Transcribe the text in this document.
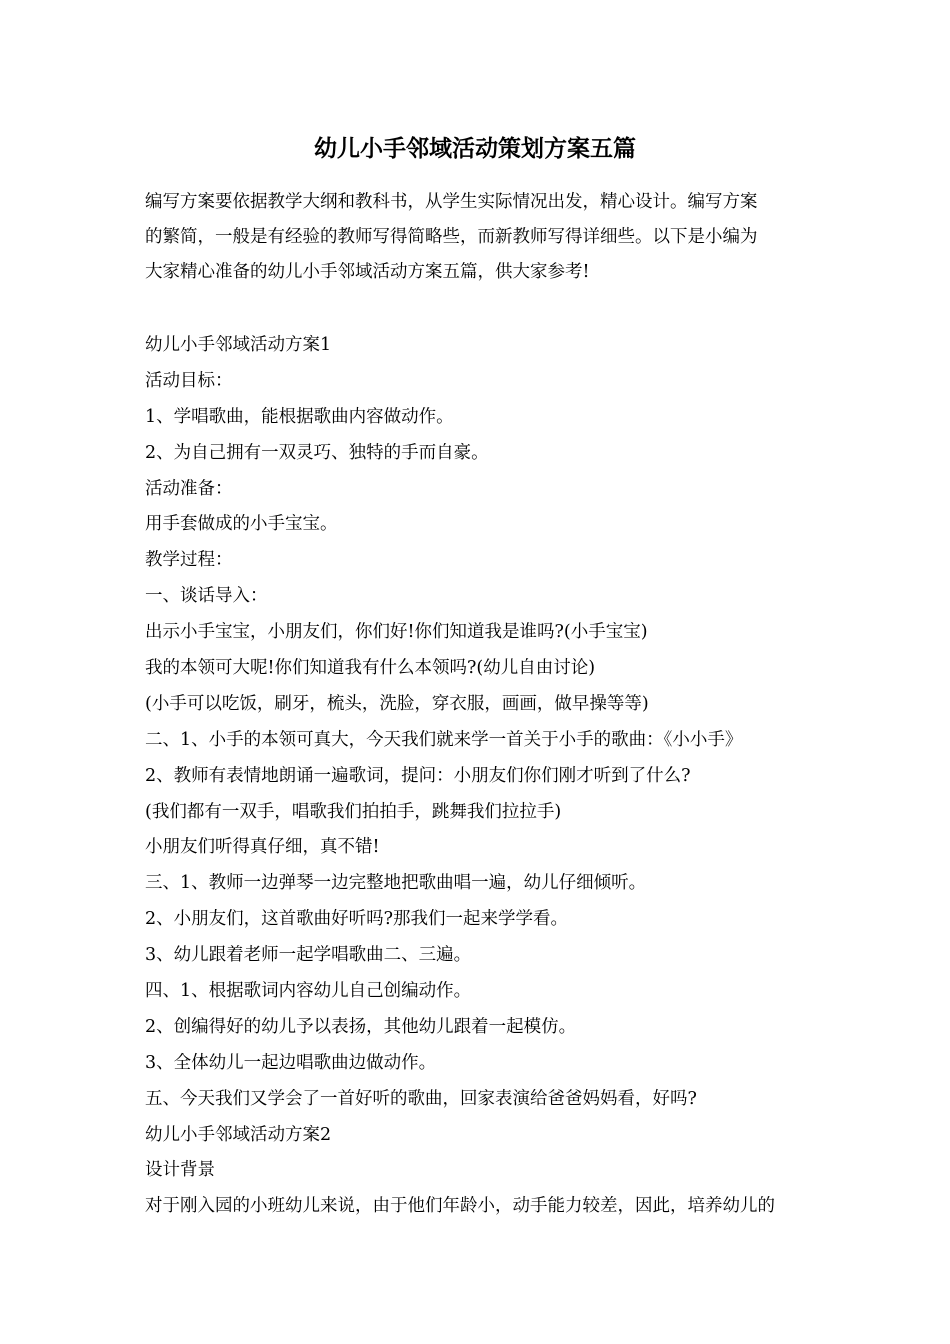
幼儿小手邻域活动策划方案五篇
编写方案要依据教学大纲和教科书，从学生实际情况出发，精心设计。编写方案
的繁简，一般是有经验的教师写得简略些，而新教师写得详细些。以下是小编为
大家精心准备的幼儿小手邻域活动方案五篇，供大家参考!
幼儿小手邻域活动方案1
活动目标：
1、学唱歌曲，能根据歌曲内容做动作。
2、为自己拥有一双灵巧、独特的手而自豪。
活动准备：
用手套做成的小手宝宝。
教学过程：
一、谈话导入：
出示小手宝宝，小朋友们，你们好!你们知道我是谁吗?(小手宝宝)
我的本领可大呢!你们知道我有什么本领吗?(幼儿自由讨论)
(小手可以吃饭，刷牙，梳头，洗脸，穿衣服，画画，做早操等等)
二、1、小手的本领可真大，今天我们就来学一首关于小手的歌曲：《小小手》
2、教师有表情地朗诵一遍歌词，提问：小朋友们你们刚才听到了什么?
(我们都有一双手，唱歌我们拍拍手，跳舞我们拉拉手)
小朋友们听得真仔细，真不错!
三、1、教师一边弹琴一边完整地把歌曲唱一遍，幼儿仔细倾听。
2、小朋友们，这首歌曲好听吗?那我们一起来学学看。
3、幼儿跟着老师一起学唱歌曲二、三遍。
四、1、根据歌词内容幼儿自己创编动作。
2、创编得好的幼儿予以表扬，其他幼儿跟着一起模仿。
3、全体幼儿一起边唱歌曲边做动作。
五、今天我们又学会了一首好听的歌曲，回家表演给爸爸妈妈看，好吗?
幼儿小手邻域活动方案2
设计背景
对于刚入园的小班幼儿来说，由于他们年龄小，动手能力较差，因此，培养幼儿的
